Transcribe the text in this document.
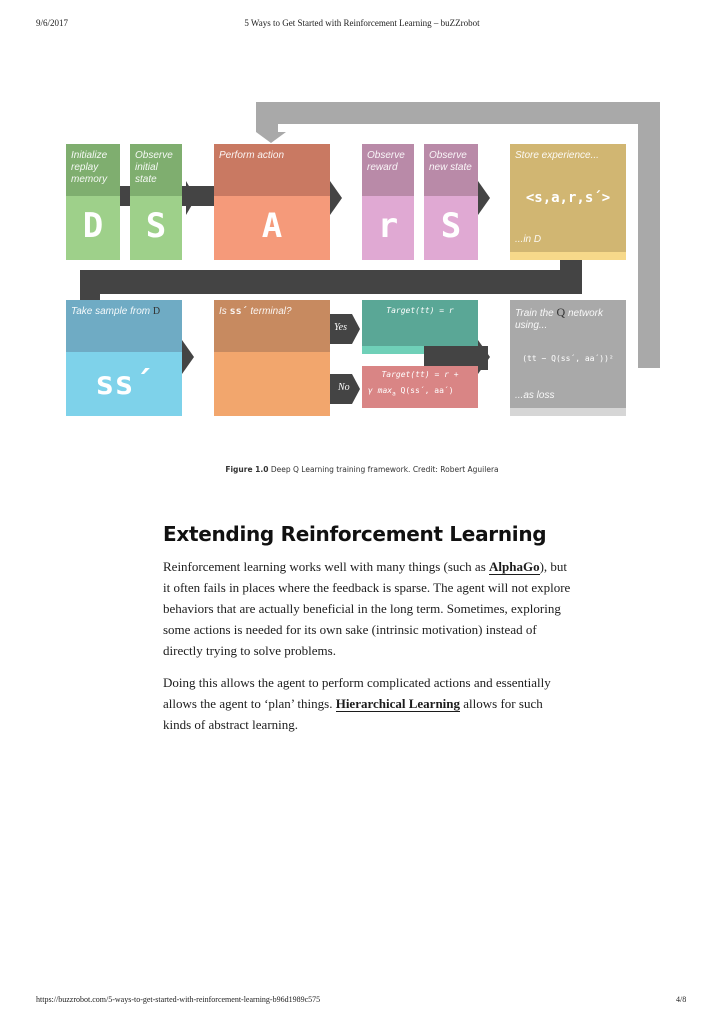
9/6/2017	5 Ways to Get Started with Reinforcement Learning – buZZrobot
Initialize replay memory
D
Observe initial state
S
Perform action
A
Observe reward
r
Observe new state
S
Store experience...
<s,a,r,s´>
...in D
Take sample from D
ss´
Is ss´ terminal?
Yes
No
Target(tt) = r
Target(tt) = r +
γ $\max_a$ Q(ss´, aa´)
Train the Q network using...
(tt − Q(ss´, aa´))²
...as loss
Figure 1.0 Deep Q Learning training framework. Credit: Robert Aguilera
Extending Reinforcement Learning
Reinforcement learning works well with many things (such as AlphaGo), but it often fails in places where the feedback is sparse. The agent will not explore behaviors that are actually beneficial in the long term. Sometimes, exploring some actions is needed for its own sake (intrinsic motivation) instead of directly trying to solve problems.
Doing this allows the agent to perform complicated actions and essentially allows the agent to ‘plan’ things. Hierarchical Learning allows for such kinds of abstract learning.
https://buzzrobot.com/5-ways-to-get-started-with-reinforcement-learning-b96d1989c575	4/8
